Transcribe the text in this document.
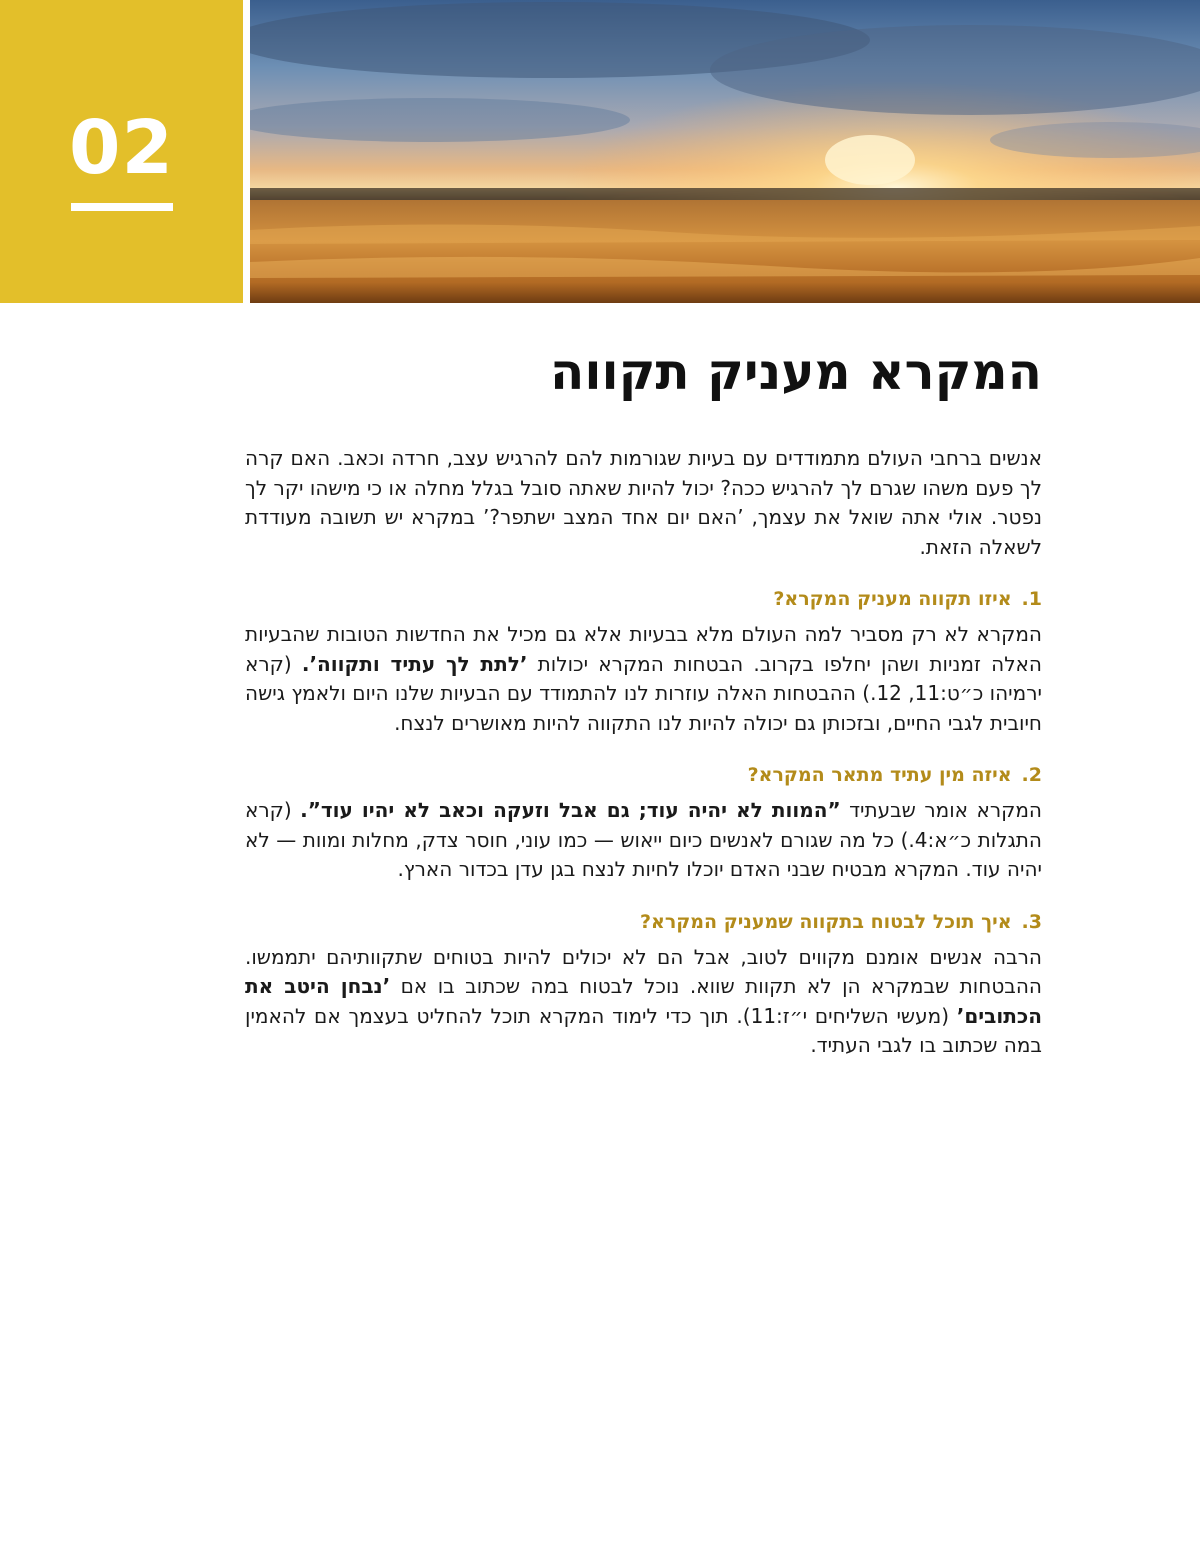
02
המקרא מעניק תקווה

אנשים ברחבי העולם מתמודדים עם בעיות שגורמות להם להרגיש עצב, חרדה וכאב. האם קרה לך פעם משהו שגרם לך להרגיש ככה? יכול להיות שאתה סובל בגלל מחלה או כי מישהו יקר לך נפטר. אולי אתה שואל את עצמך, ’האם יום אחד המצב ישתפר?’ במקרא יש תשובה מעודדת לשאלה הזאת.

1.איזו תקווה מעניק המקרא?

המקרא לא רק מסביר למה העולם מלא בבעיות אלא גם מכיל את החדשות הטובות שהבעיות האלה זמניות ושהן יחלפו בקרוב. הבטחות המקרא יכולות ’לתת לך עתיד ותקווה’. (קרא ירמיהו כ״ט:11, 12.) ההבטחות האלה עוזרות לנו להתמודד עם הבעיות שלנו היום ולאמץ גישה חיובית לגבי החיים, ובזכותן גם יכולה להיות לנו התקווה להיות מאושרים לנצח.

2.איזה מין עתיד מתאר המקרא?

המקרא אומר שבעתיד ”המוות לא יהיה עוד; גם אבל וזעקה וכאב לא יהיו עוד”. (קרא התגלות כ״א:4.) כל מה שגורם לאנשים כיום ייאוש — כמו עוני, חוסר צדק, מחלות ומוות — לא יהיה עוד. המקרא מבטיח שבני האדם יוכלו לחיות לנצח בגן עדן בכדור הארץ.

3.איך תוכל לבטוח בתקווה שמעניק המקרא?

הרבה אנשים אומנם מקווים לטוב, אבל הם לא יכולים להיות בטוחים שתקוותיהם יתממשו. ההבטחות שבמקרא הן לא תקוות שווא. נוכל לבטוח במה שכתוב בו אם ’נבחן היטב את הכתובים’ (מעשי השליחים י״ז:11). תוך כדי לימוד המקרא תוכל להחליט בעצמך אם להאמין במה שכתוב בו לגבי העתיד.
